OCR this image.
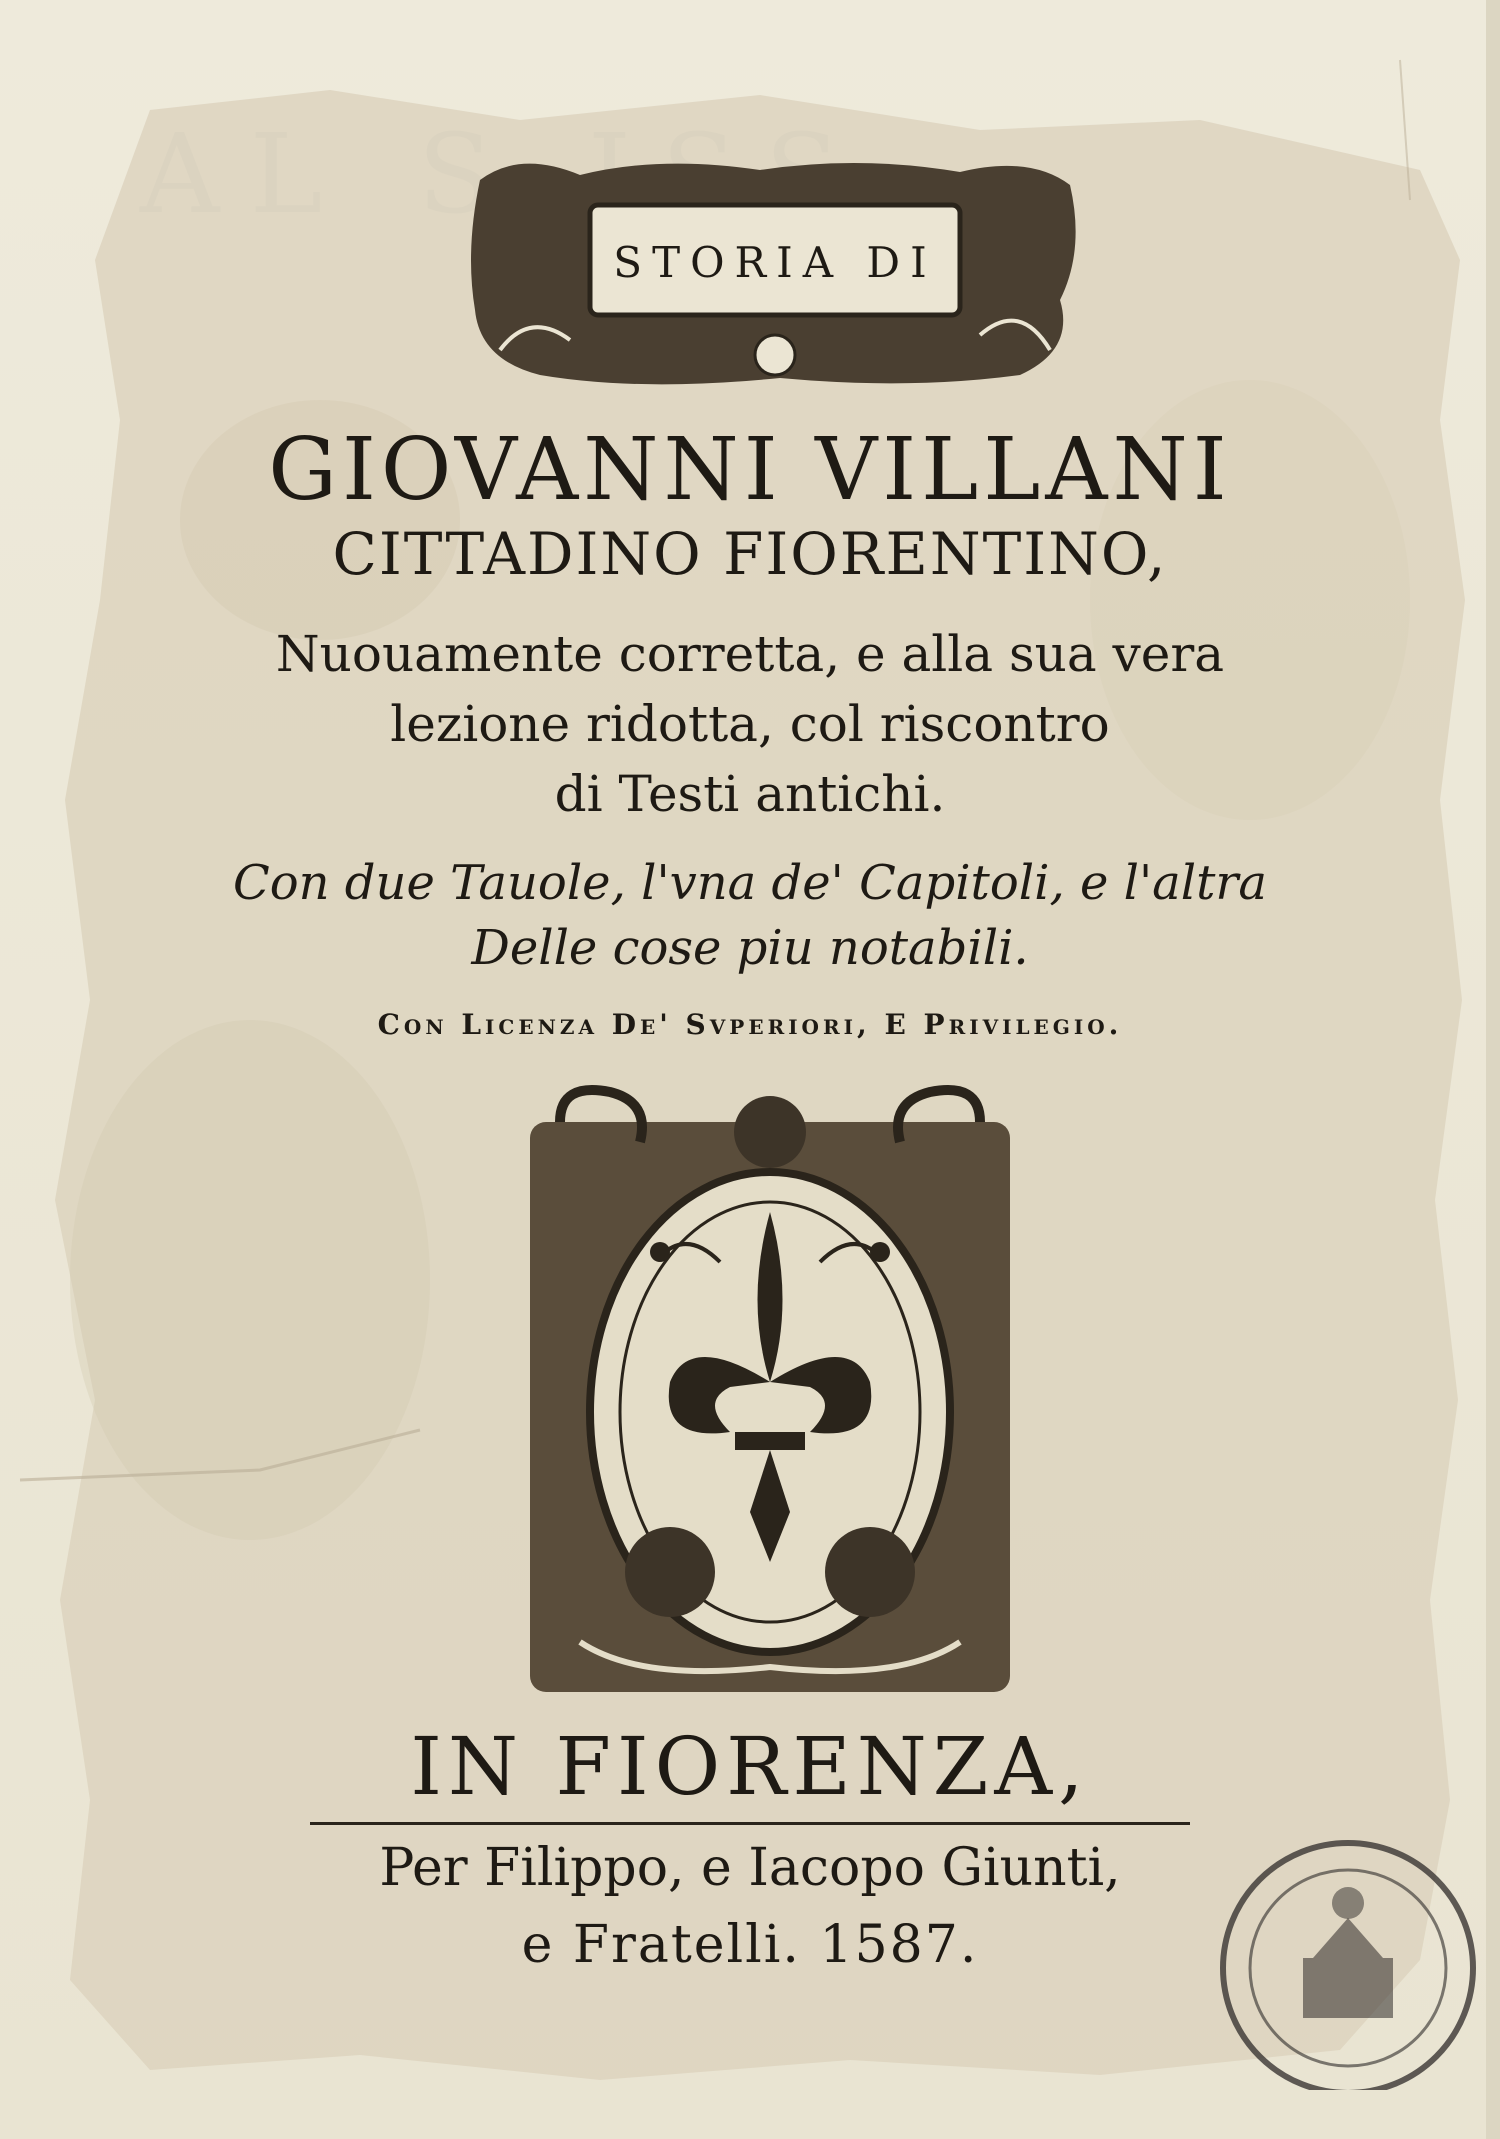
STORIA DI
GIOVANNI VILLANI
CITTADINO FIORENTINO,
Nuouamente corretta, e alla sua vera
lezione ridotta, col riscontro
di Testi antichi.
Con due Tauole, l'vna de' Capitoli, e l'altra
Delle cose piu notabili.
Con Licenza De' Svperiori, E Privilegio.
IN FIORENZA,
Per Filippo, e Iacopo Giunti,
e Fratelli. 1587.
